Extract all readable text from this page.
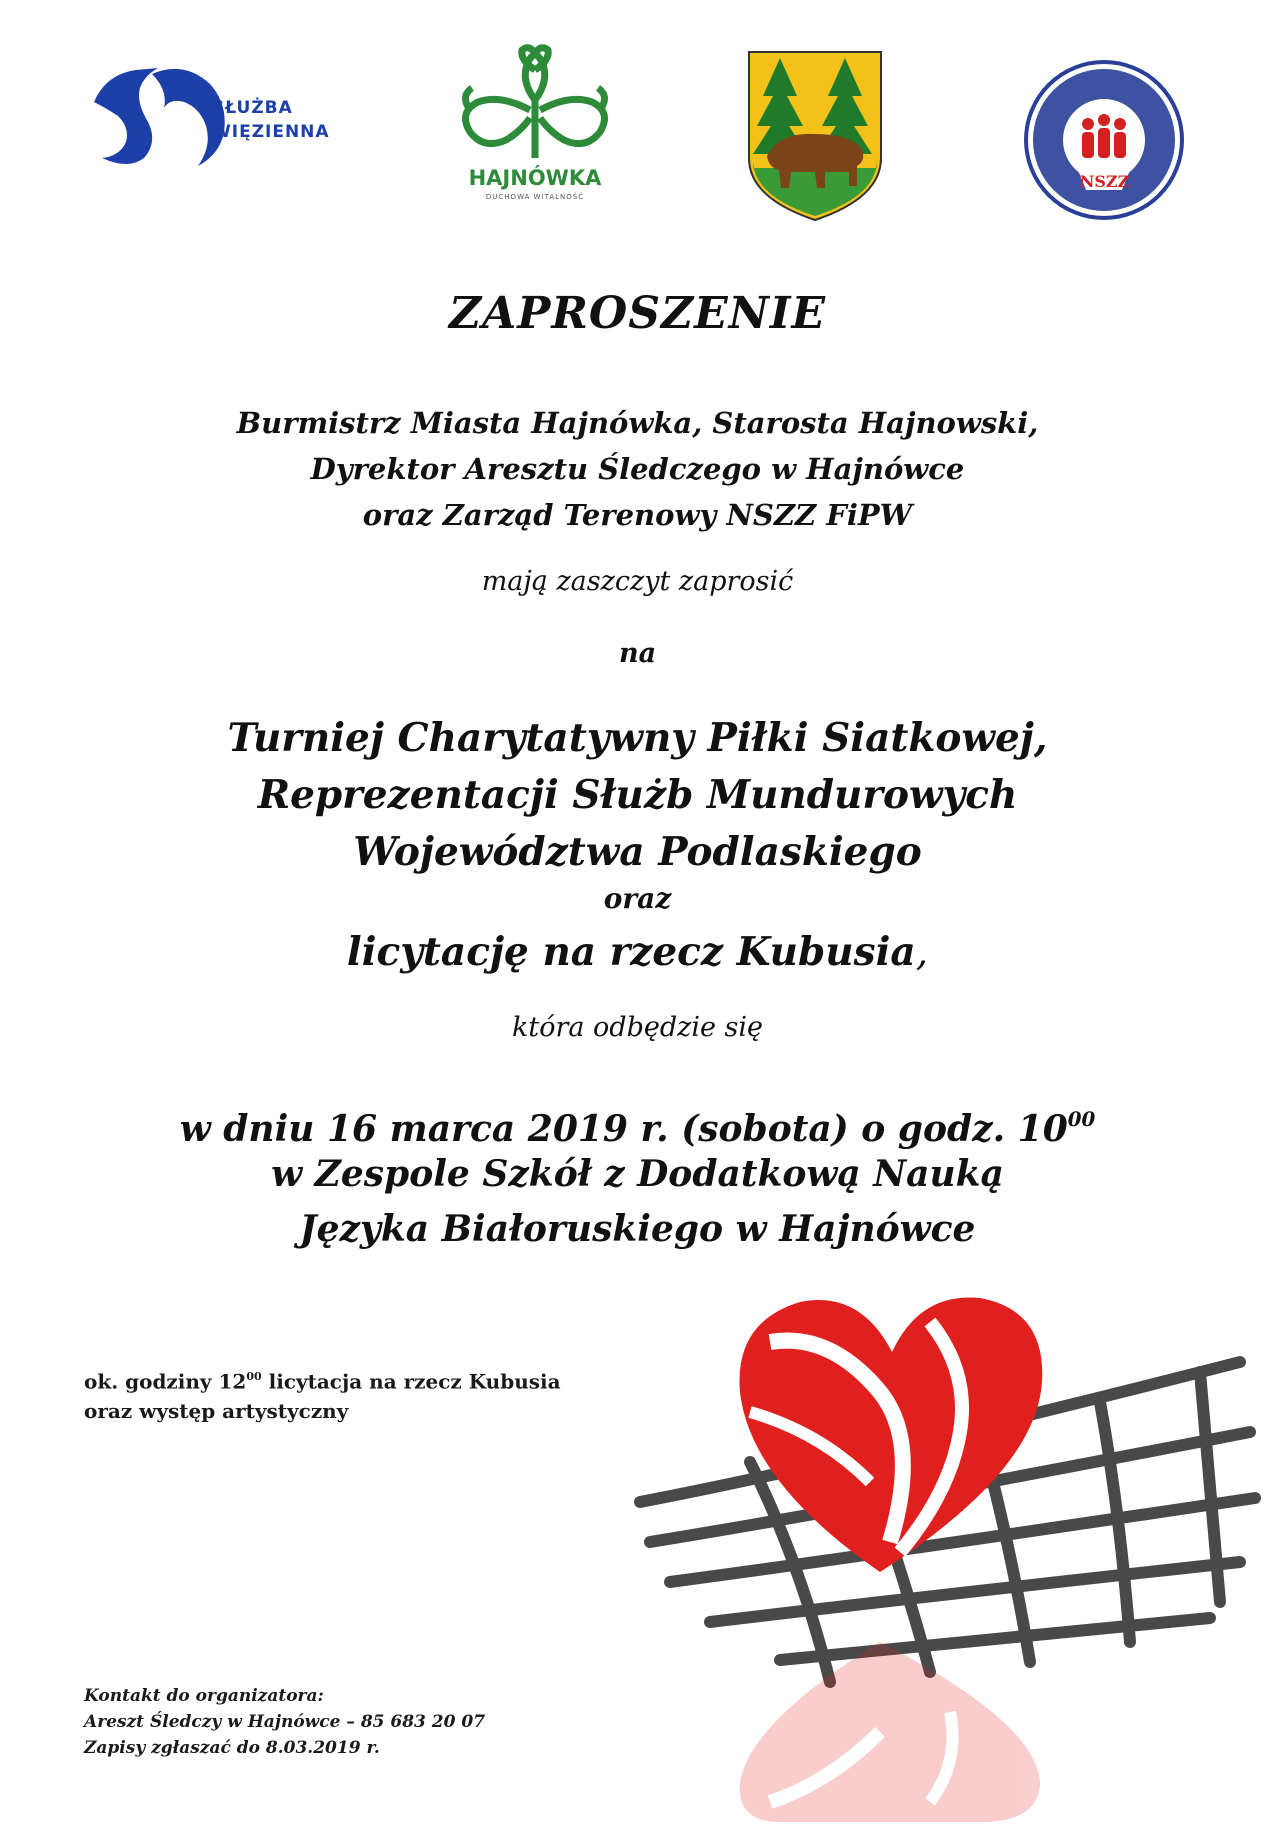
SŁUŻBA
WIĘZIENNA
HAJNÓWKA
DUCHOWA WITALNOŚĆ
NSZZ
ZAPROSZENIE
Burmistrz Miasta Hajnówka, Starosta Hajnowski,
Dyrektor Aresztu Śledczego w Hajnówce
oraz Zarząd Terenowy NSZZ FiPW
mają zaszczyt zaprosić
na
Turniej Charytatywny Piłki Siatkowej,
Reprezentacji Służb Mundurowych
Województwa Podlaskiego
oraz
licytację na rzecz Kubusia,
która odbędzie się
w dniu 16 marca 2019 r. (sobota) o godz. $10^{00}$
w Zespole Szkół z Dodatkową Nauką
Języka Białoruskiego w Hajnówce
ok. godziny $12^{00}$ licytacja na rzecz Kubusia
oraz występ artystyczny
Kontakt do organizatora:
Areszt Śledczy w Hajnówce – 85 683 20 07
Zapisy zgłaszać do 8.03.2019 r.
